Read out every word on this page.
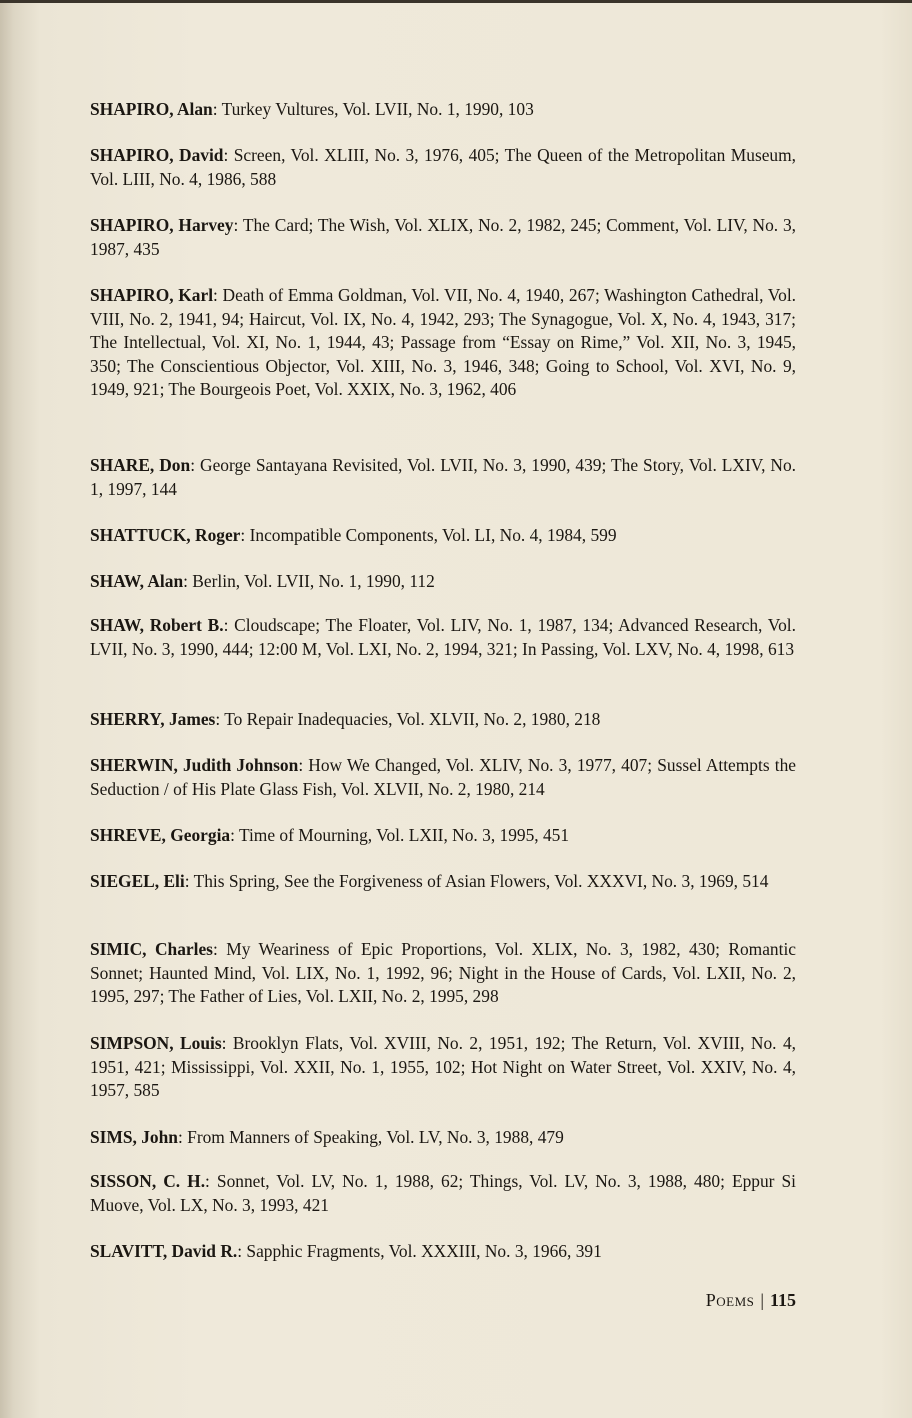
SHAPIRO, Alan: Turkey Vultures, Vol. LVII, No. 1, 1990, 103
SHAPIRO, David: Screen, Vol. XLIII, No. 3, 1976, 405; The Queen of the Metropolitan Museum, Vol. LIII, No. 4, 1986, 588
SHAPIRO, Harvey: The Card; The Wish, Vol. XLIX, No. 2, 1982, 245; Comment, Vol. LIV, No. 3, 1987, 435
SHAPIRO, Karl: Death of Emma Goldman, Vol. VII, No. 4, 1940, 267; Washington Cathedral, Vol. VIII, No. 2, 1941, 94; Haircut, Vol. IX, No. 4, 1942, 293; The Synagogue, Vol. X, No. 4, 1943, 317; The Intellectual, Vol. XI, No. 1, 1944, 43; Passage from “Essay on Rime,” Vol. XII, No. 3, 1945, 350; The Conscientious Objector, Vol. XIII, No. 3, 1946, 348; Going to School, Vol. XVI, No. 9, 1949, 921; The Bourgeois Poet, Vol. XXIX, No. 3, 1962, 406
SHARE, Don: George Santayana Revisited, Vol. LVII, No. 3, 1990, 439; The Story, Vol. LXIV, No. 1, 1997, 144
SHATTUCK, Roger: Incompatible Components, Vol. LI, No. 4, 1984, 599
SHAW, Alan: Berlin, Vol. LVII, No. 1, 1990, 112
SHAW, Robert B.: Cloudscape; The Floater, Vol. LIV, No. 1, 1987, 134; Advanced Research, Vol. LVII, No. 3, 1990, 444; 12:00 M, Vol. LXI, No. 2, 1994, 321; In Passing, Vol. LXV, No. 4, 1998, 613
SHERRY, James: To Repair Inadequacies, Vol. XLVII, No. 2, 1980, 218
SHERWIN, Judith Johnson: How We Changed, Vol. XLIV, No. 3, 1977, 407; Sussel Attempts the Seduction / of His Plate Glass Fish, Vol. XLVII, No. 2, 1980, 214
SHREVE, Georgia: Time of Mourning, Vol. LXII, No. 3, 1995, 451
SIEGEL, Eli: This Spring, See the Forgiveness of Asian Flowers, Vol. XXXVI, No. 3, 1969, 514
SIMIC, Charles: My Weariness of Epic Proportions, Vol. XLIX, No. 3, 1982, 430; Romantic Sonnet; Haunted Mind, Vol. LIX, No. 1, 1992, 96; Night in the House of Cards, Vol. LXII, No. 2, 1995, 297; The Father of Lies, Vol. LXII, No. 2, 1995, 298
SIMPSON, Louis: Brooklyn Flats, Vol. XVIII, No. 2, 1951, 192; The Return, Vol. XVIII, No. 4, 1951, 421; Mississippi, Vol. XXII, No. 1, 1955, 102; Hot Night on Water Street, Vol. XXIV, No. 4, 1957, 585
SIMS, John: From Manners of Speaking, Vol. LV, No. 3, 1988, 479
SISSON, C. H.: Sonnet, Vol. LV, No. 1, 1988, 62; Things, Vol. LV, No. 3, 1988, 480; Eppur Si Muove, Vol. LX, No. 3, 1993, 421
SLAVITT, David R.: Sapphic Fragments, Vol. XXXIII, No. 3, 1966, 391
Poems | 115
